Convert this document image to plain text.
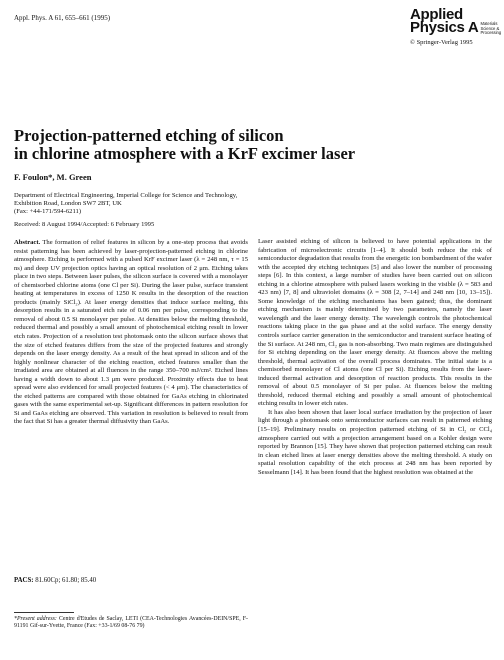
Appl. Phys. A 61, 655–661 (1995)	Applied
Physics A Materials
Science &
Processing
© Springer-Verlag 1995
Projection-patterned etching of silicon
in chlorine atmosphere with a KrF excimer laser
F. Foulon*, M. Green
Department of Electrical Engineering, Imperial College for Science and Technology,
Exhibition Road, London SW7 2BT, UK
(Fax: +44-171/594-6211)
Received: 8 August 1994/Accepted: 6 February 1995

Abstract. The formation of relief features in silicon by a one-step process that avoids resist patterning has been achieved by laser-projection-patterned etching in chlorine atmosphere. Etching is performed with a pulsed KrF excimer laser (λ = 248 nm, τ = 15 ns) and deep UV projection optics having an optical resolution of 2 μm. Etching takes place in two steps. Between laser pulses, the silicon surface is covered with a monolayer of chemisorbed chlorine atoms (one Cl per Si). During the laser pulse, surface transient heating at temperatures in excess of 1250 K results in the desorption of the reaction products (mainly SiCl₂). At laser energy densities that induce surface melting, this desorption results in a saturated etch rate of 0.06 nm per pulse, corresponding to the removal of about 0.5 Si monolayer per pulse. At densities below the melting threshold, reduced thermal and possibly a small amount of photochemical etching result in lower etch rates. Projection of a resolution test photomask onto the silicon surface shows that the size of etched features differs from the size of the projected features and strongly depends on the laser energy density. As a result of the heat spread in silicon and of the highly nonlinear character of the etching reaction, etched features smaller than the irradiated area are obtained at all fluences in the range 350–700 mJ/cm². Etched lines having a width down to about 1.3 μm were produced. Proximity effects due to heat spread were also evidenced for small projected features (< 4 μm). The characteristics of the etched patterns are compared with those obtained for GaAs etching in chlorinated gases with the same experimental set-up. Significant differences in pattern resolution for Si and GaAs etching are observed. This variation in resolution is believed to result from the fact that Si has a greater thermal diffusivity than GaAs.

PACS: 81.60Cp; 61.80; 85.40
*Present address: Centre d'Etudes de Saclay, LETI (CEA-Technologies Avancées-DEIN/SPE, F-91191 Gif-sur-Yvette, France (Fax: +33-1/69 08-76 79)

Laser assisted etching of silicon is believed to have potential applications in the fabrication of microelectronic circuits [1–4]. It should both reduce the risk of semiconductor degradation that results from the energetic ion bombardment of the wafer with the accepted dry etching techniques [5] and also lower the number of processing steps [6]. In this context, a large number of studies have been carried out on silicon etching in a chlorine atmosphere with pulsed lasers working in the visible (λ = 583 and 423 nm) [7, 8] and ultraviolet domains (λ = 308 [2, 7–14] and 248 nm [10, 13–15]). Some knowledge of the etching mechanisms has been gained; thus, the dominant etching mechanism is mainly determined by two parameters, namely the laser wavelength and the laser energy density. The wavelength controls the photochemical reactions taking place in the gas phase and at the solid surface. The energy density controls surface carrier generation in the semiconductor and transient surface heating of the Si surface. At 248 nm, Cl₂ gas is non-absorbing. Two main regimes are distinguished for Si etching depending on the laser energy density. At fluences above the melting threshold, thermal activation of the overall process dominates. The initial state is a chemisorbed monolayer of Cl atoms (one Cl per Si). Etching results from the laser-induced thermal activation and desorption of reaction products. This results in the removal of about 0.5 monolayer of Si per pulse. At fluences below the melting threshold, reduced thermal etching and possibly a small amount of photochemical etching results in lower etch rates.

It has also been shown that laser local surface irradiation by the projection of laser light through a photomask onto semiconductor surfaces can result in patterned etching [15–19]. Preliminary results on projection patterned etching of Si in Cl₂ or CCl₄ atmosphere carried out with a projection arrangement based on a Kohler design were reported by Brannon [15]. They have shown that projection patterned etching can result in clean etched lines at laser energy densities above the melting threshold. A study on spatial resolution capability of the etch process at 248 nm has been reported by Sesselmann [14]. It has been found that the highest resolution was obtained at the
